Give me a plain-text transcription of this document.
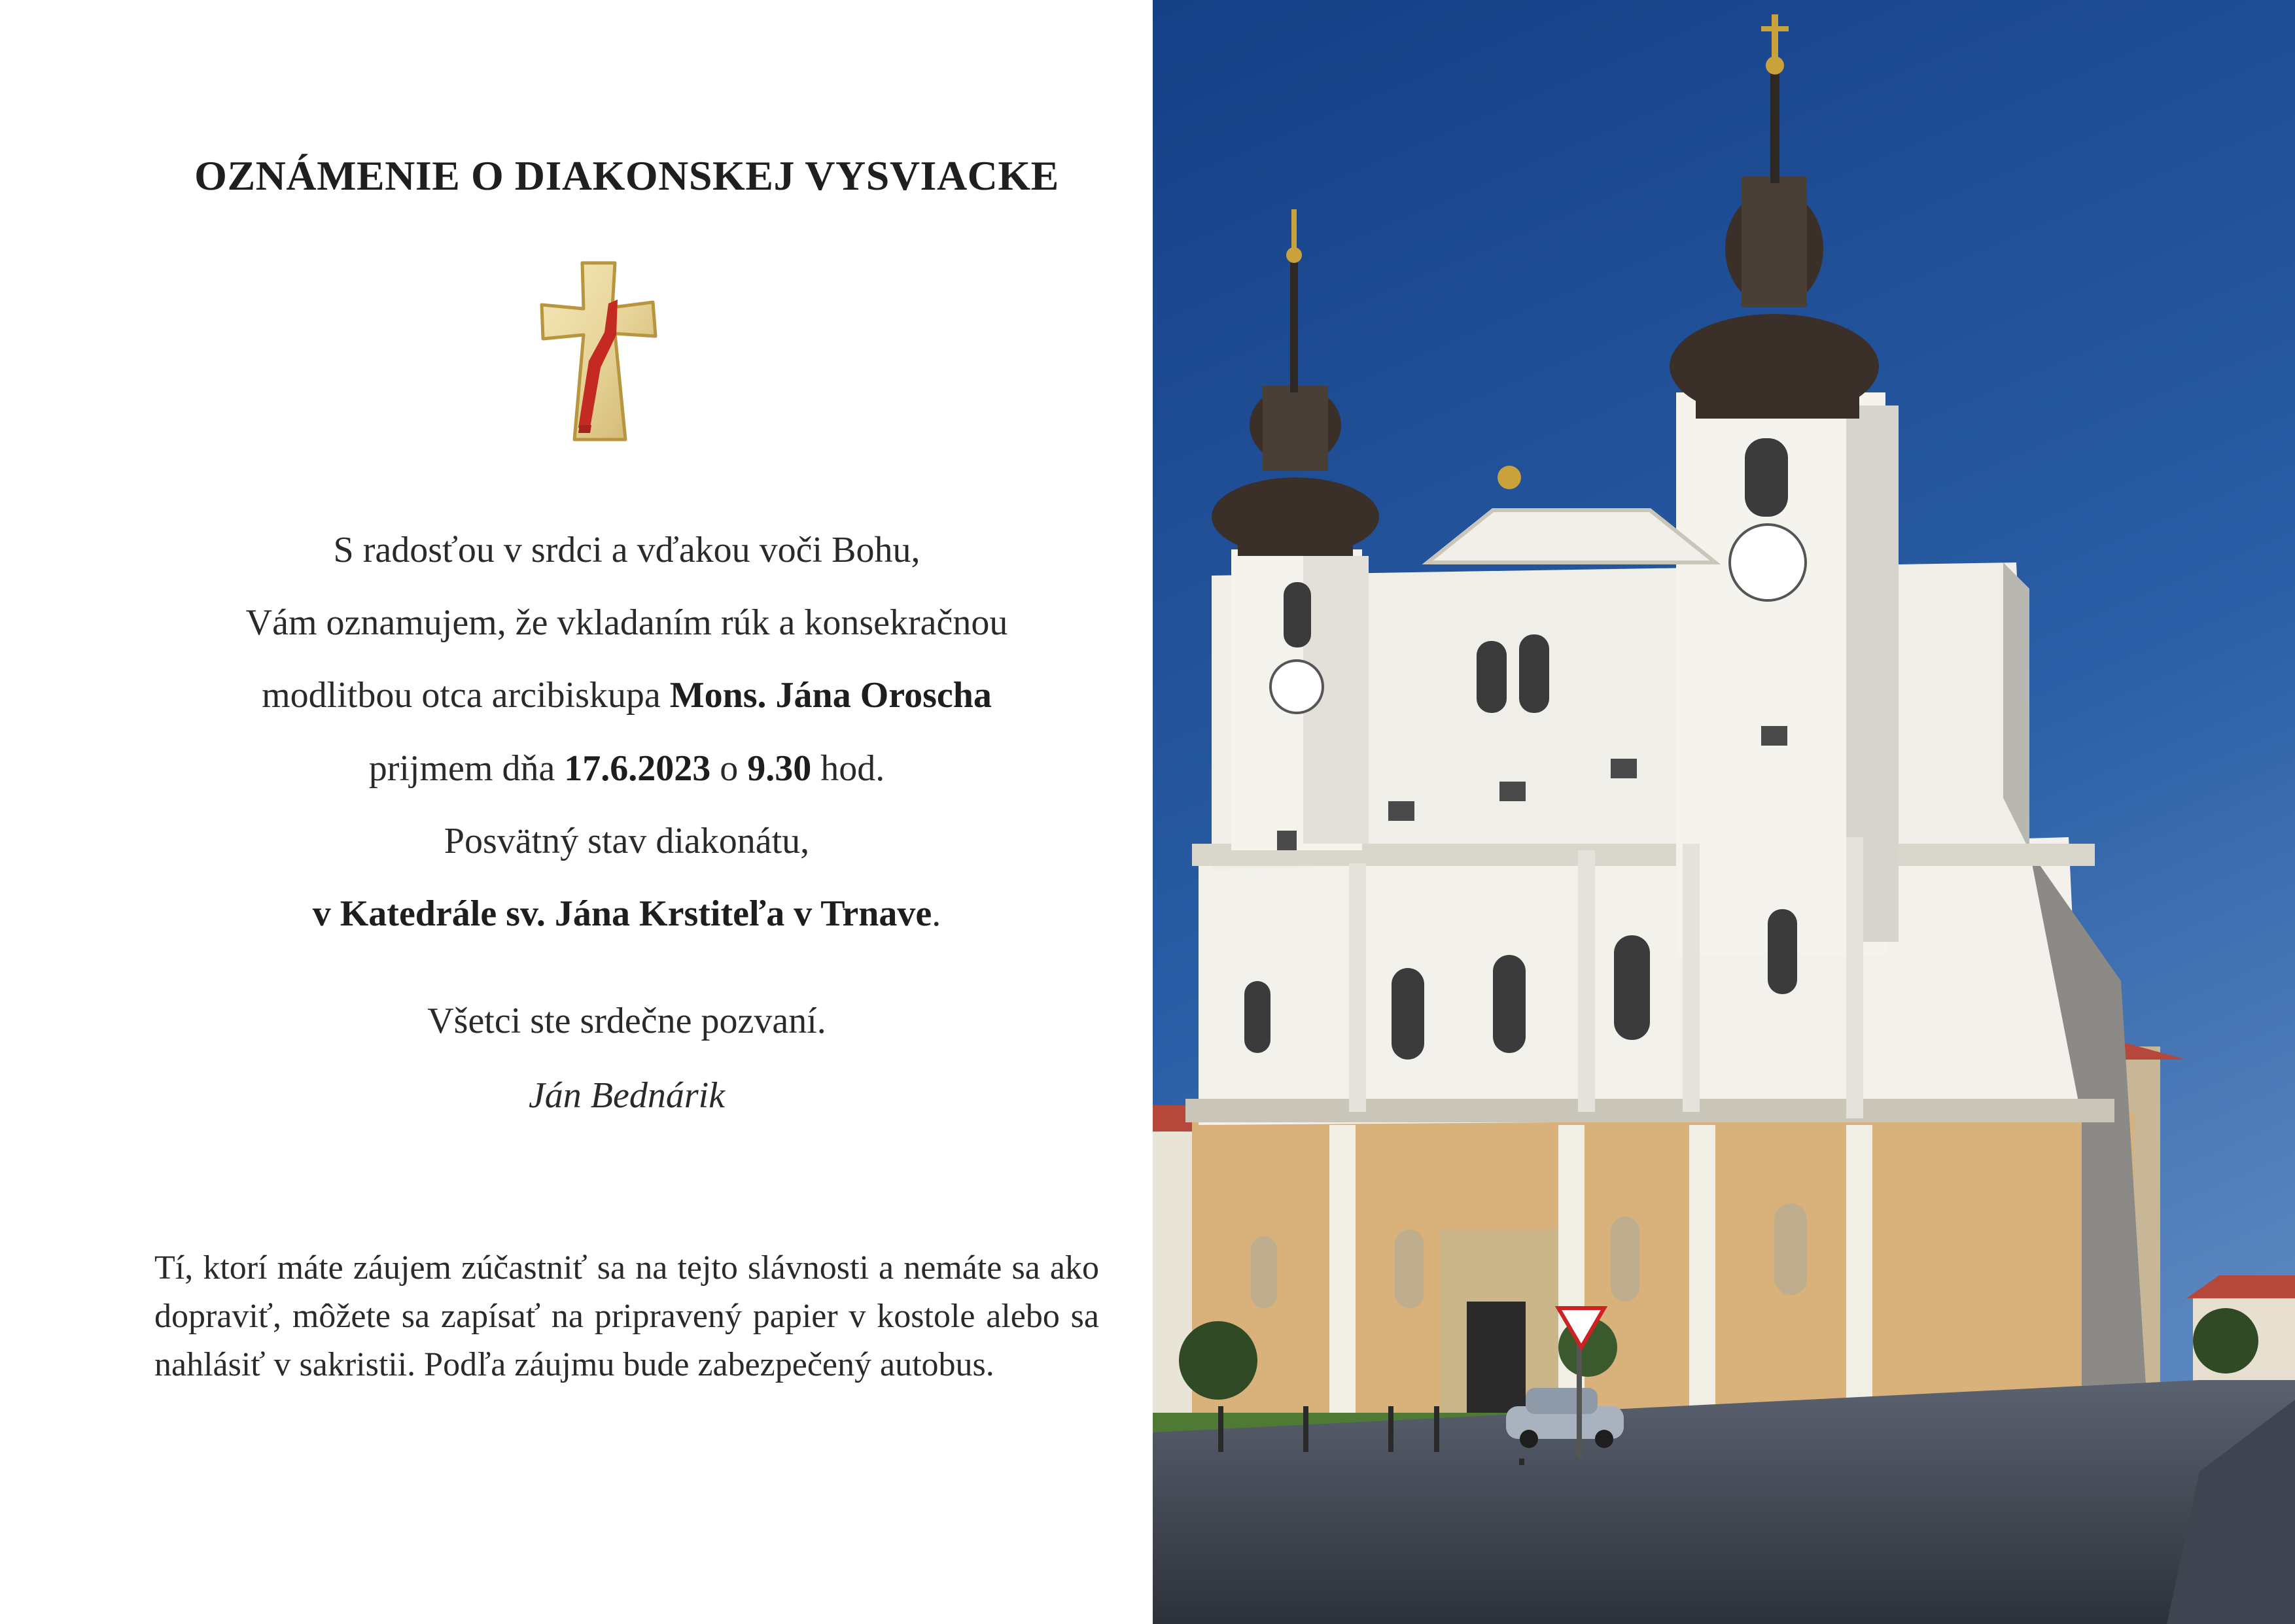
OZNÁMENIE O DIAKONSKEJ VYSVIACKE

S radosťou v srdci a vďakou voči Bohu,

Vám oznamujem, že vkladaním rúk a konsekračnou

modlitbou otca arcibiskupa Mons. Jána Oroscha

prijmem dňa 17.6.2023 o 9.30 hod.

Posvätný stav diakonátu,

v Katedrále sv. Jána Krstiteľa v Trnave.

Všetci ste srdečne pozvaní.

Ján Bednárik

Tí, ktorí máte záujem zúčastniť sa na tejto slávnosti a nemáte sa ako dopraviť, môžete sa zapísať na pripravený papier v kostole alebo sa nahlásiť v sakristii. Podľa záujmu bude zabezpečený autobus.
